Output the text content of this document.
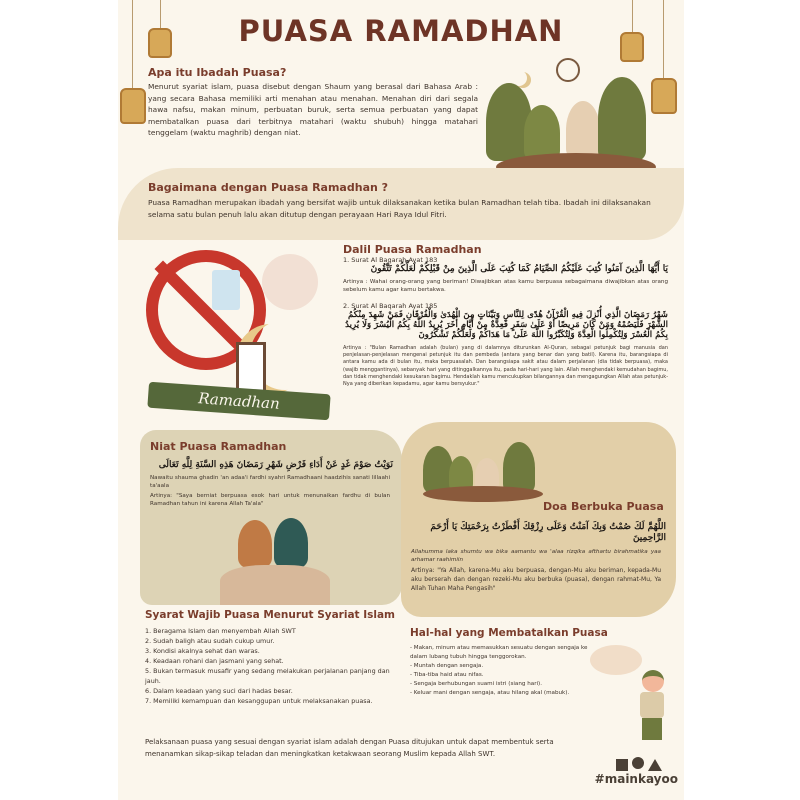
PUASA RAMADHAN
Apa itu Ibadah Puasa?
Menurut syariat islam, puasa disebut dengan Shaum yang berasal dari Bahasa Arab : yang secara Bahasa memiliki arti menahan atau menahan. Menahan diri dari segala hawa nafsu, makan minum, perbuatan buruk, serta semua perbuatan yang dapat membatalkan puasa dari terbitnya matahari (waktu shubuh) hingga matahari tenggelam (waktu maghrib) dengan niat.
Bagaimana dengan Puasa Ramadhan ?
Puasa Ramadhan merupakan ibadah yang bersifat wajib untuk dilaksanakan ketika bulan Ramadhan telah tiba. Ibadah ini dilaksanakan selama satu bulan penuh lalu akan ditutup dengan perayaan Hari Raya Idul Fitri.
Ramadhan
Dalil Puasa Ramadhan
1. Surat Al Baqarah Ayat 183
يَا أَيُّهَا الَّذِينَ آمَنُوا كُتِبَ عَلَيْكُمُ الصِّيَامُ كَمَا كُتِبَ عَلَى الَّذِينَ مِنْ قَبْلِكُمْ لَعَلَّكُمْ تَتَّقُونَ
Artinya : Wahai orang-orang yang beriman! Diwajibkan atas kamu berpuasa sebagaimana diwajibkan atas orang sebelum kamu agar kamu bertakwa.
2. Surat Al Baqarah Ayat 185
شَهْرُ رَمَضَانَ الَّذِي أُنْزِلَ فِيهِ الْقُرْآنُ هُدًى لِلنَّاسِ وَبَيِّنَاتٍ مِنَ الْهُدَىٰ وَالْفُرْقَانِ فَمَنْ شَهِدَ مِنْكُمُ الشَّهْرَ فَلْيَصُمْهُ وَمَنْ كَانَ مَرِيضًا أَوْ عَلَىٰ سَفَرٍ فَعِدَّةٌ مِنْ أَيَّامٍ أُخَرَ يُرِيدُ اللَّهُ بِكُمُ الْيُسْرَ وَلَا يُرِيدُ بِكُمُ الْعُسْرَ وَلِتُكْمِلُوا الْعِدَّةَ وَلِتُكَبِّرُوا اللَّهَ عَلَىٰ مَا هَدَاكُمْ وَلَعَلَّكُمْ تَشْكُرُونَ
Artinya : "Bulan Ramadhan adalah (bulan) yang di dalamnya diturunkan Al-Quran, sebagai petunjuk bagi manusia dan penjelasan-penjelasan mengenai petunjuk itu dan pembeda (antara yang benar dan yang batil). Karena itu, barangsiapa di antara kamu ada di bulan itu, maka berpuasalah. Dan barangsiapa sakit atau dalam perjalanan (dia tidak berpuasa), maka (wajib menggantinya), sebanyak hari yang ditinggalkannya itu, pada hari-hari yang lain. Allah menghendaki kemudahan bagimu, dan tidak menghendaki kesukaran bagimu. Hendaklah kamu mencukupkan bilangannya dan mengagungkan Allah atas petunjuk-Nya yang diberikan kepadamu, agar kamu bersyukur."
Niat Puasa Ramadhan
نَوَيْتُ صَوْمَ غَدٍ عَنْ أَدَاءِ فَرْضِ شَهْرِ رَمَضَانَ هَذِهِ السَّنَةِ لِلَّهِ تَعَالَى
Nawaitu shauma ghadin 'an adaa'i fardhi syahri Ramadhaani haadzihis sanati lillaahi ta'aala
Artinya: "Saya berniat berpuasa esok hari untuk menunaikan fardhu di bulan Ramadhan tahun ini karena Allah Ta'ala"	Doa Berbuka Puasa
اللَّهُمَّ لَكَ صُمْتُ وَبِكَ آمَنْتُ وَعَلَى رِزْقِكَ أَفْطَرْتُ بِرَحْمَتِكَ يَا أَرْحَمَ الرَّاحِمِينَ
Allahumma laka shumtu wa bika aamantu wa 'alaa rizqika afthartu birahmatika yaa arhamar raahimiin
Artinya: "Ya Allah, karena-Mu aku berpuasa, dengan-Mu aku beriman, kepada-Mu aku berserah dan dengan rezeki-Mu aku berbuka (puasa), dengan rahmat-Mu, Ya Allah Tuhan Maha Pengasih"
Syarat Wajib Puasa Menurut Syariat Islam
1. Beragama Islam dan menyembah Allah SWT
2. Sudah baligh atau sudah cukup umur.
3. Kondisi akalnya sehat dan waras.
4. Keadaan rohani dan jasmani yang sehat.
5. Bukan termasuk musafir yang sedang melakukan perjalanan panjang dan jauh.
6. Dalam keadaan yang suci dari hadas besar.
7. Memiliki kemampuan dan kesanggupan untuk melaksanakan puasa.
Pelaksanaan puasa yang sesuai dengan syariat islam adalah dengan Puasa ditujukan untuk dapat membentuk serta menanamkan sikap-sikap teladan dan meningkatkan ketakwaan seorang Muslim kepada Allah SWT.
Hal-hal yang Membatalkan Puasa
- Makan, minum atau memasukkan sesuatu dengan sengaja ke dalam lubang tubuh hingga tenggorokan.
- Muntah dengan sengaja.
- Tiba-tiba haid atau nifas.
- Sengaja berhubungan suami istri (siang hari).
- Keluar mani dengan sengaja, atau hilang akal (mabuk).
#mainkayoo
